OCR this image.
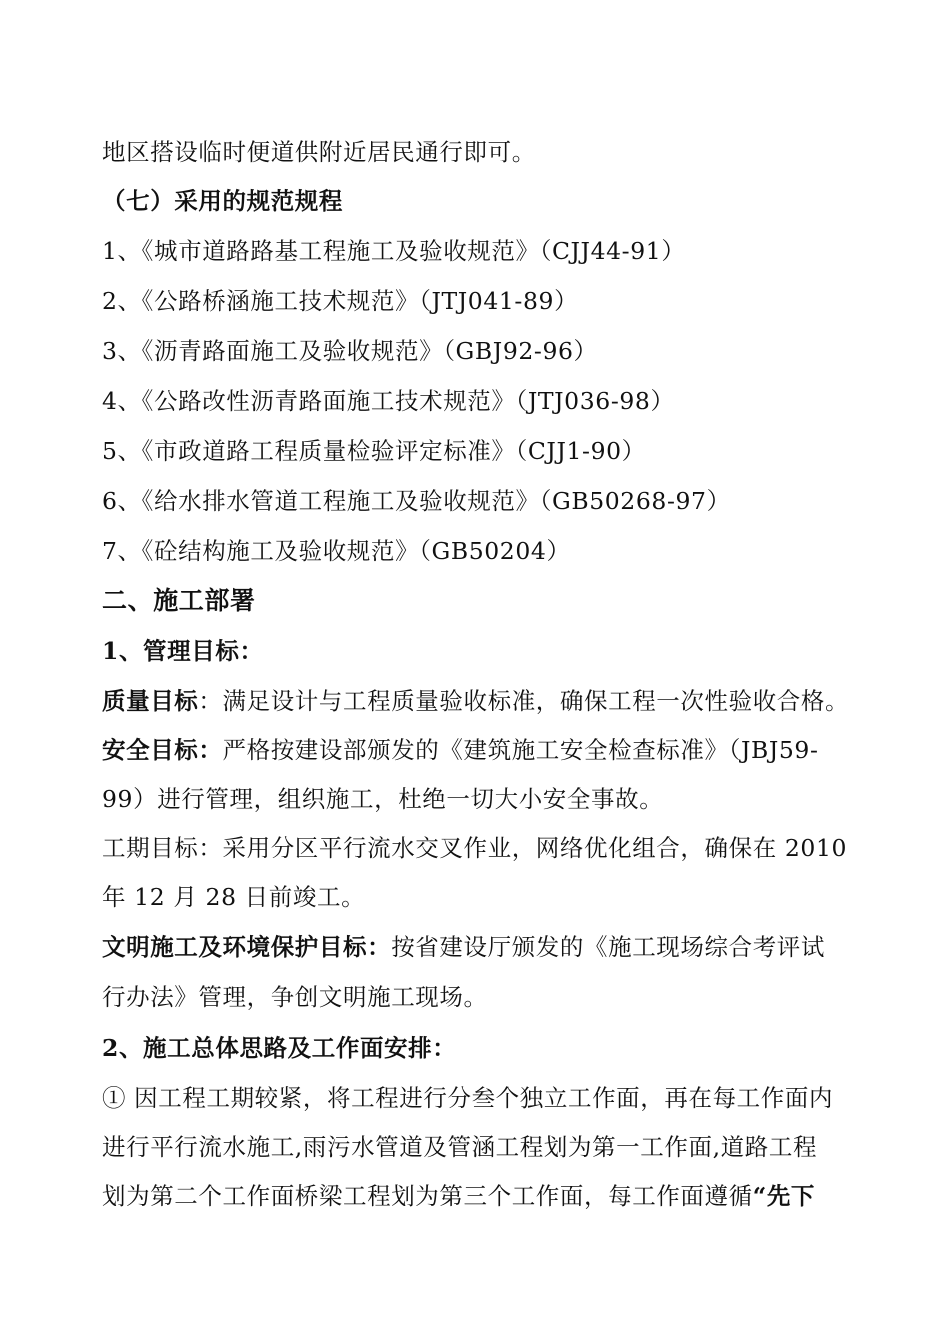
地区搭设临时便道供附近居民通行即可。
（七）采用的规范规程
1、《城市道路路基工程施工及验收规范》（CJJ44-91）
2、《公路桥涵施工技术规范》（JTJ041-89）
3、《沥青路面施工及验收规范》（GBJ92-96）
4、《公路改性沥青路面施工技术规范》（JTJ036-98）
5、《市政道路工程质量检验评定标准》（CJJ1-90）
6、《给水排水管道工程施工及验收规范》（GB50268-97）
7、《砼结构施工及验收规范》（GB50204）
二、施工部署
1、管理目标：
质量目标：满足设计与工程质量验收标准，确保工程一次性验收合格。
安全目标：严格按建设部颁发的《建筑施工安全检查标准》（JBJ59-
99）进行管理，组织施工，杜绝一切大小安全事故。
工期目标：采用分区平行流水交叉作业，网络优化组合，确保在 2010
年 12 月 28 日前竣工。
文明施工及环境保护目标：按省建设厅颁发的《施工现场综合考评试
行办法》管理，争创文明施工现场。
2、施工总体思路及工作面安排：
① 因工程工期较紧，将工程进行分叁个独立工作面，再在每工作面内
进行平行流水施工,雨污水管道及管涵工程划为第一工作面,道路工程
划为第二个工作面桥梁工程划为第三个工作面，每工作面遵循“先下
